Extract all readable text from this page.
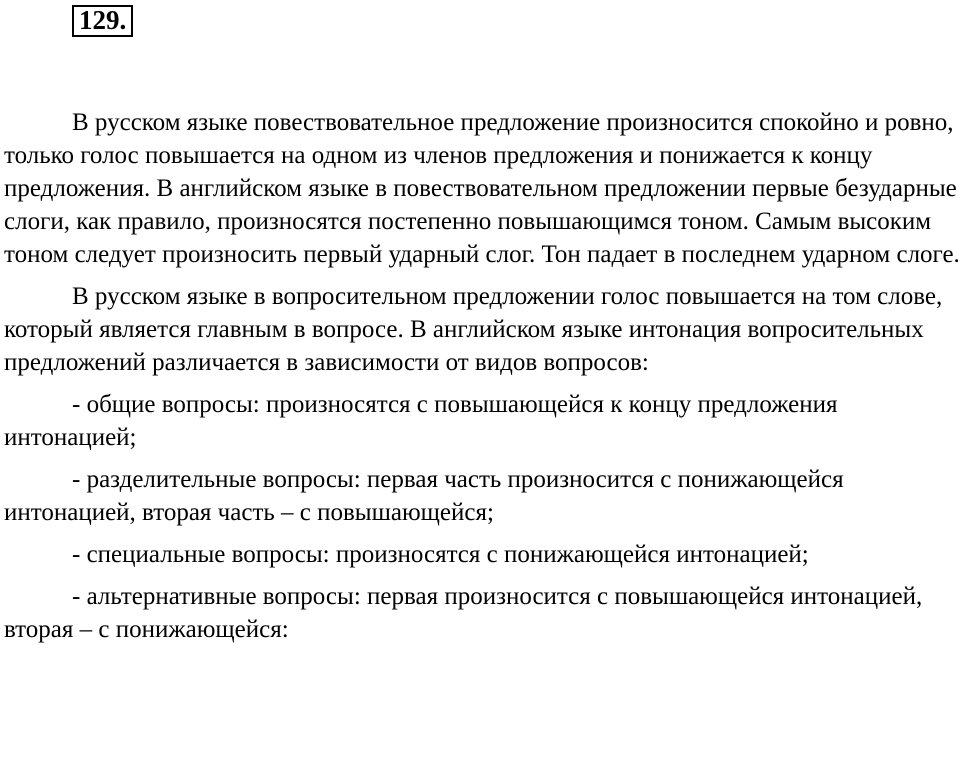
129.

В русском языке повествовательное предложение произносится спокойно и ровно, только голос повышается на одном из членов предложения и понижается к концу предложения. В английском языке в повествовательном предложении первые безударные слоги, как правило, произносятся постепенно повышающимся тоном. Самым высоким тоном следует произносить первый ударный слог. Тон падает в последнем ударном слоге.

В русском языке в вопросительном предложении голос повышается на том слове, который является главным в вопросе. В английском языке интонация вопросительных предложений различается в зависимости от видов вопросов:

- общие вопросы: произносятся с повышающейся к концу предложения интонацией;

- разделительные вопросы: первая часть произносится с понижающейся интонацией, вторая часть – с повышающейся;

- специальные вопросы: произносятся с понижающейся интонацией;

- альтернативные вопросы: первая произносится с повышающейся интонацией, вторая – с понижающейся:
